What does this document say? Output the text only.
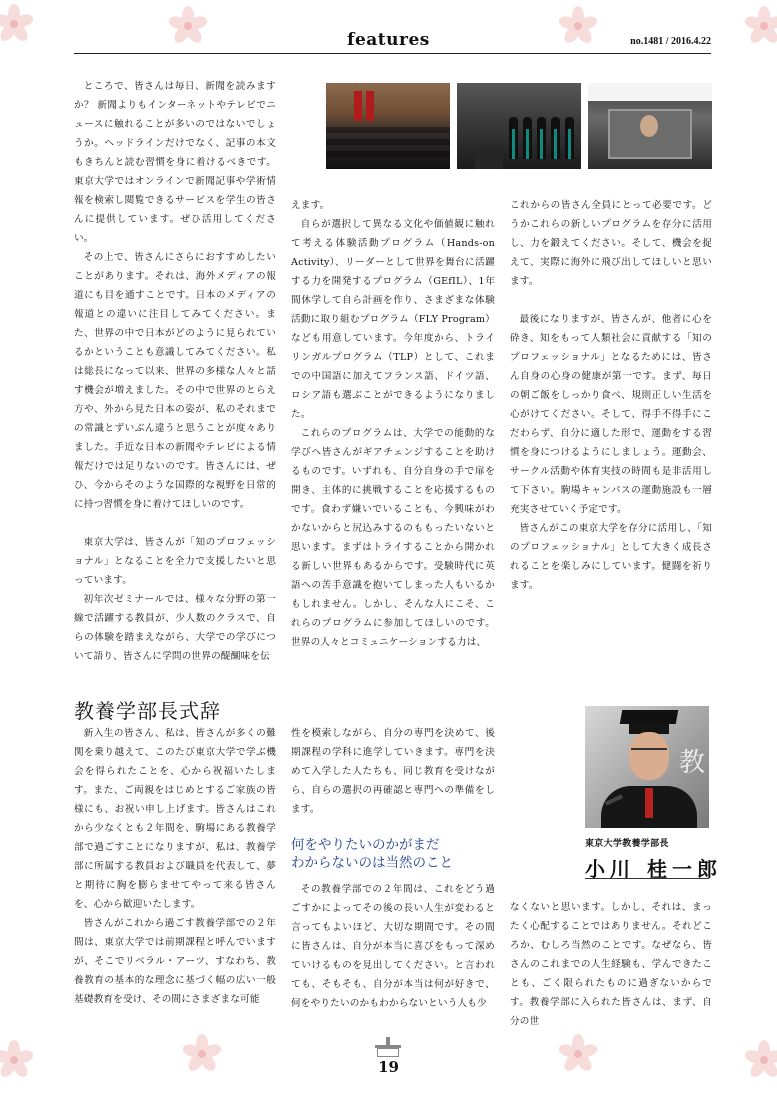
features	no.1481 / 2016.4.22

ところで、皆さんは毎日、新聞を読みますか？ 新聞よりもインターネットやテレビでニュースに触れることが多いのではないでしょうか。ヘッドラインだけでなく、記事の本文もきちんと読む習慣を身に着けるべきです。東京大学ではオンラインで新聞記事や学術情報を検索し閲覧できるサービスを学生の皆さんに提供しています。ぜひ活用してください。

その上で、皆さんにさらにおすすめしたいことがあります。それは、海外メディアの報道にも目を通すことです。日本のメディアの報道との違いに注目してみてください。また、世界の中で日本がどのように見られているかということも意識してみてください。私は総長になって以来、世界の多様な人々と話す機会が増えました。その中で世界のとらえ方や、外から見た日本の姿が、私のそれまでの常識とずいぶん違うと思うことが度々ありました。手近な日本の新聞やテレビによる情報だけでは足りないのです。皆さんには、ぜひ、今からそのような国際的な視野を日常的に持つ習慣を身に着けてほしいのです。

東京大学は、皆さんが「知のプロフェッショナル」となることを全力で支援したいと思っています。

初年次ゼミナールでは、様々な分野の第一線で活躍する教員が、少人数のクラスで、自らの体験を踏まえながら、大学での学びについて語り、皆さんに学問の世界の醍醐味を伝

えます。

自らが選択して異なる文化や価値観に触れて考える体験活動プログラム（Hands-on Activity）、リーダーとして世界を舞台に活躍する力を開発するプログラム（GEfIL）、1年間休学して自ら計画を作り、さまざまな体験活動に取り組むプログラム（FLY Program）なども用意しています。今年度から、トライリンガルプログラム（TLP）として、これまでの中国語に加えてフランス語、ドイツ語、ロシア語も選ぶことができるようになりました。

これらのプログラムは、大学での能動的な学びへ皆さんがギアチェンジすることを助けるものです。いずれも、自分自身の手で扉を開き、主体的に挑戦することを応援するものです。食わず嫌いでいることも、今興味がわかないからと尻込みするのももったいないと思います。まずはトライすることから開かれる新しい世界もあるからです。受験時代に英語への苦手意識を抱いてしまった人もいるかもしれません。しかし、そんな人にこそ、これらのプログラムに参加してほしいのです。世界の人々とコミュニケーションする力は、

これからの皆さん全員にとって必要です。どうかこれらの新しいプログラムを存分に活用し、力を鍛えてください。そして、機会を捉えて、実際に海外に飛び出してほしいと思います。

最後になりますが、皆さんが、他者に心を砕き、知をもって人類社会に貢献する「知のプロフェッショナル」となるためには、皆さん自身の心身の健康が第一です。まず、毎日の朝ご飯をしっかり食べ、規則正しい生活を心がけてください。そして、得手不得手にこだわらず、自分に適した形で、運動をする習慣を身につけるようにしましょう。運動会、サークル活動や体育実技の時間も是非活用して下さい。駒場キャンパスの運動施設も一層充実させていく予定です。

皆さんがこの東京大学を存分に活用し、「知のプロフェッショナル」として大きく成長されることを楽しみにしています。健闘を祈ります。

教養学部長式辞

新入生の皆さん、私は、皆さんが多くの難関を乗り越えて、このたび東京大学で学ぶ機会を得られたことを、心から祝福いたします。また、ご両親をはじめとするご家族の皆様にも、お祝い申し上げます。皆さんはこれから少なくとも２年間を、駒場にある教養学部で過ごすことになりますが、私は、教養学部に所属する教員および職員を代表して、夢と期待に胸を膨らませてやって来る皆さんを、心から歓迎いたします。

皆さんがこれから過ごす教養学部での２年間は、東京大学では前期課程と呼んでいますが、そこでリベラル・アーツ、すなわち、教養教育の基本的な理念に基づく幅の広い一般基礎教育を受け、その間にさまざまな可能

性を模索しながら、自分の専門を決めて、後期課程の学科に進学していきます。専門を決めて入学した人たちも、同じ教育を受けながら、自らの選択の再確認と専門への準備をします。

何をやりたいのかがまだ
わからないのは当然のこと

その教養学部での２年間は、これをどう過ごすかによってその後の長い人生が変わると言ってもよいほど、大切な期間です。その間に皆さんは、自分が本当に喜びをもって深めていけるものを見出してください。と言われても、そもそも、自分が本当は何が好きで、何をやりたいのかもわからないという人も少

教
東京大学教養学部長
小川 桂一郎

なくないと思います。しかし、それは、まったく心配することではありません。それどころか、むしろ当然のことです。なぜなら、皆さんのこれまでの人生経験も、学んできたことも、ごく限られたものに過ぎないからです。教養学部に入られた皆さんは、まず、自分の世

19
